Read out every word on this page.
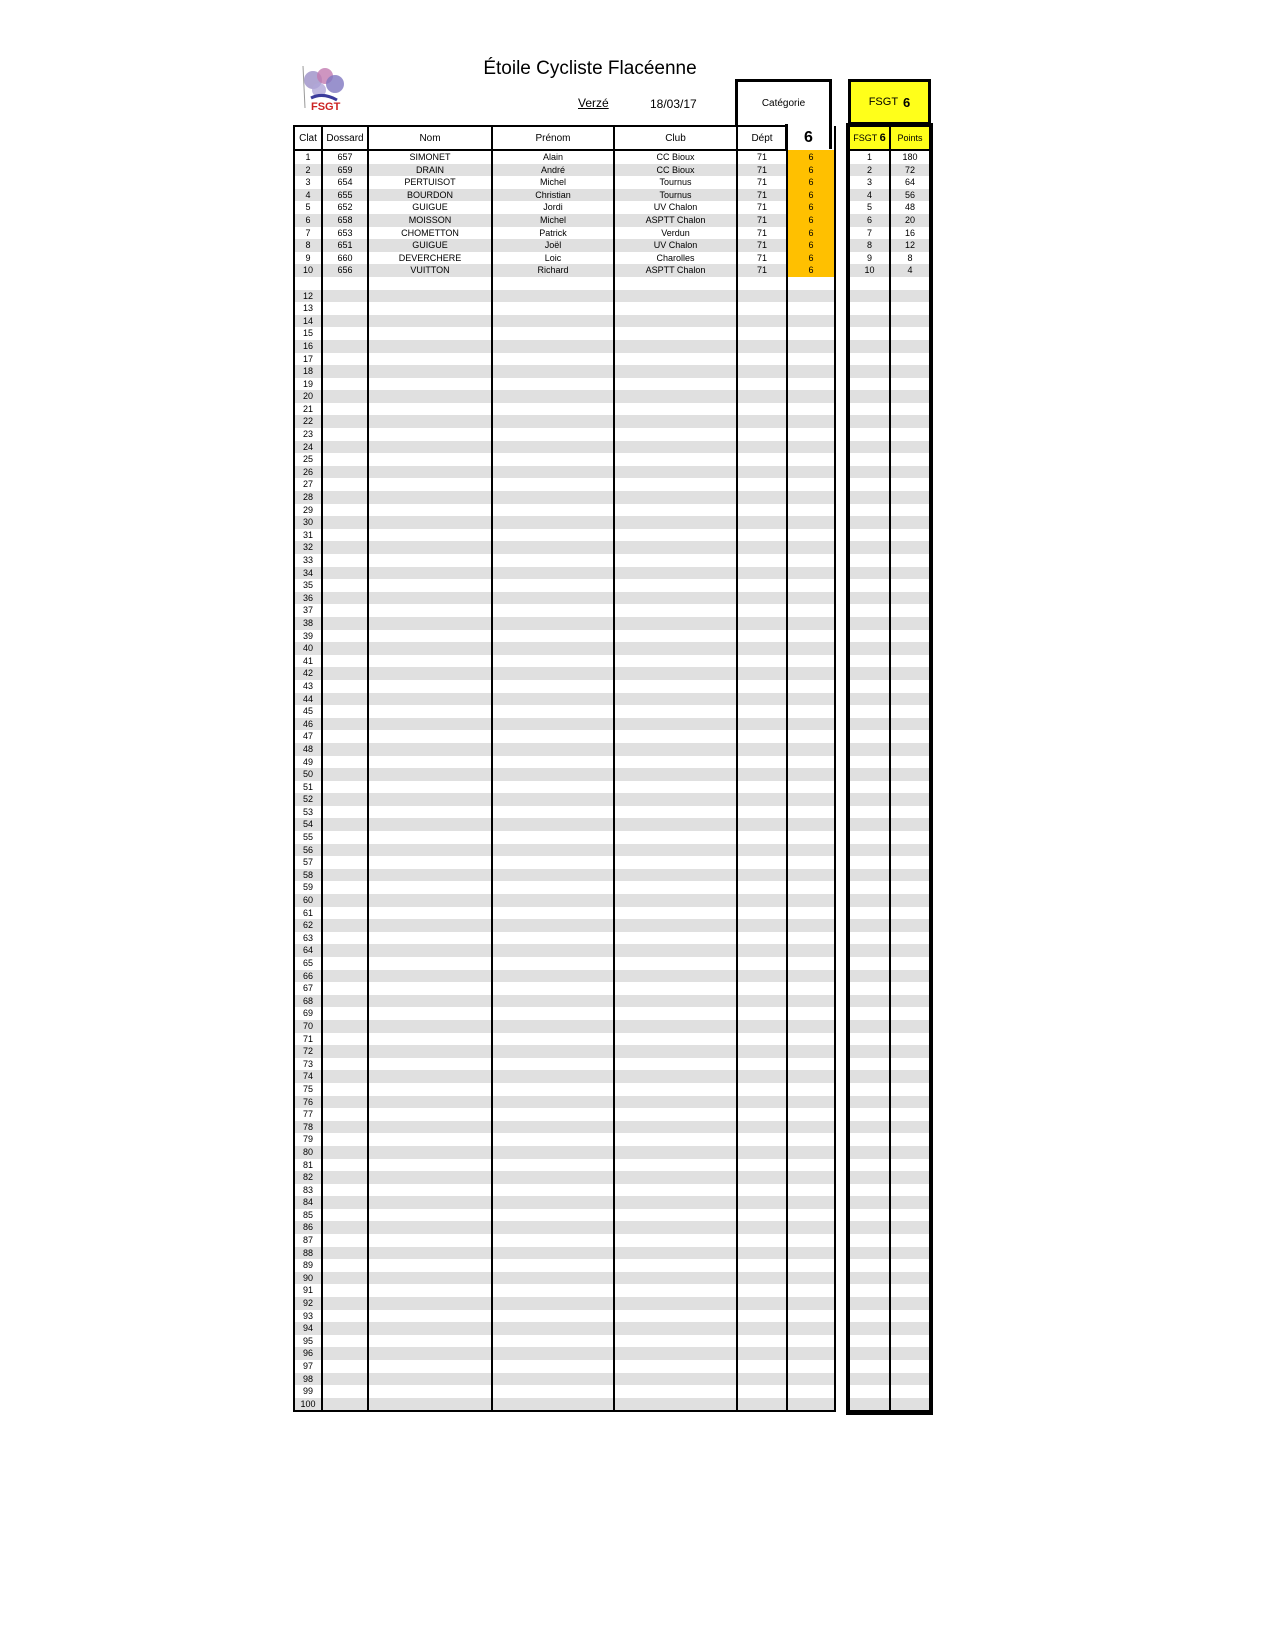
FSGT
Étoile Cycliste Flacéenne
Verzé	18/03/17	Catégorie
6
FSGT 6
Clat	Dossard	Nom	Prénom	Club	Dépt	
1	657	SIMONET	Alain	CC Bioux	71	6
2	659	DRAIN	André	CC Bioux	71	6
3	654	PERTUISOT	Michel	Tournus	71	6
4	655	BOURDON	Christian	Tournus	71	6
5	652	GUIGUE	Jordi	UV Chalon	71	6
6	658	MOISSON	Michel	ASPTT Chalon	71	6
7	653	CHOMETTON	Patrick	Verdun	71	6
8	651	GUIGUE	Joël	UV Chalon	71	6
9	660	DEVERCHERE	Loic	Charolles	71	6
10	656	VUITTON	Richard	ASPTT Chalon	71	6

12						
13						
14						
15						
16						
17						
18						
19						
20						
21						
22						
23						
24						
25						
26						
27						
28						
29						
30						
31						
32						
33						
34						
35						
36						
37						
38						
39						
40						
41						
42						
43						
44						
45						
46						
47						
48						
49						
50						
51						
52						
53						
54						
55						
56						
57						
58						
59						
60						
61						
62						
63						
64						
65						
66						
67						
68						
69						
70						
71						
72						
73						
74						
75						
76						
77						
78						
79						
80						
81						
82						
83						
84						
85						
86						
87						
88						
89						
90						
91						
92						
93						
94						
95						
96						
97						
98						
99						
100						
FSGT 6	Points
1	180
2	72
3	64
4	56
5	48
6	20
7	16
8	12
9	8
10	4
